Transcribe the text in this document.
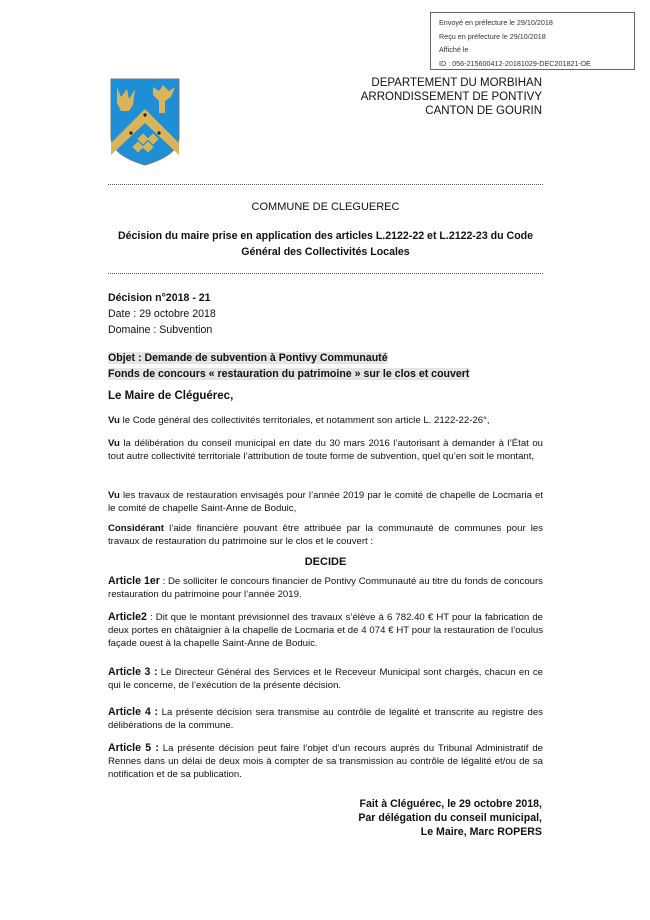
Envoyé en préfecture le 29/10/2018
Reçu en préfecture le 29/10/2018
Affiché le
ID : 056-215600412-20181029-DEC201821-DE
DEPARTEMENT DU MORBIHAN
ARRONDISSEMENT DE PONTIVY
CANTON DE GOURIN
COMMUNE DE CLEGUEREC
Décision du maire prise en application des articles L.2122-22 et L.2122-23 du Code
Général des Collectivités Locales
Décision n°2018 - 21
Date : 29 octobre 2018
Domaine : Subvention
Objet : Demande de subvention à Pontivy Communauté
Fonds de concours « restauration du patrimoine » sur le clos et couvert
Le Maire de Cléguérec,
Vu le Code général des collectivités territoriales, et notamment son article L. 2122-22-26°,
Vu la délibération du conseil municipal en date du 30 mars 2016 l’autorisant à demander à l’État ou tout autre collectivité territoriale l’attribution de toute forme de subvention, quel qu’en soit le montant,
Vu les travaux de restauration envisagés pour l’année 2019 par le comité de chapelle de Locmaria et le comité de chapelle Saint-Anne de Boduic,
Considérant l’aide financière pouvant être attribuée par la communauté de communes pour les travaux de restauration du patrimoine sur le clos et le couvert :
DECIDE
Article 1er : De solliciter le concours financier de Pontivy Communauté au titre du fonds de concours restauration du patrimoine pour l’année 2019.
Article2 : Dit que le montant prévisionnel des travaux s’élève à 6 782.40 € HT pour la fabrication de deux portes en châtaignier à la chapelle de Locmaria et de 4 074 € HT pour la restauration de l’oculus façade ouest à la chapelle Saint-Anne de Boduic.
Article 3 : Le Directeur Général des Services et le Receveur Municipal sont chargés, chacun en ce qui le concerne, de l’exécution de la présente décision.
Article 4 : La présente décision sera transmise au contrôle de légalité et transcrite au registre des délibérations de la commune.
Article 5 : La présente décision peut faire l’objet d’un recours auprès du Tribunal Administratif de Rennes dans un délai de deux mois à compter de sa transmission au contrôle de légalité et/ou de sa notification et de sa publication.
Fait à Cléguérec, le 29 octobre 2018,
Par délégation du conseil municipal,
Le Maire, Marc ROPERS
